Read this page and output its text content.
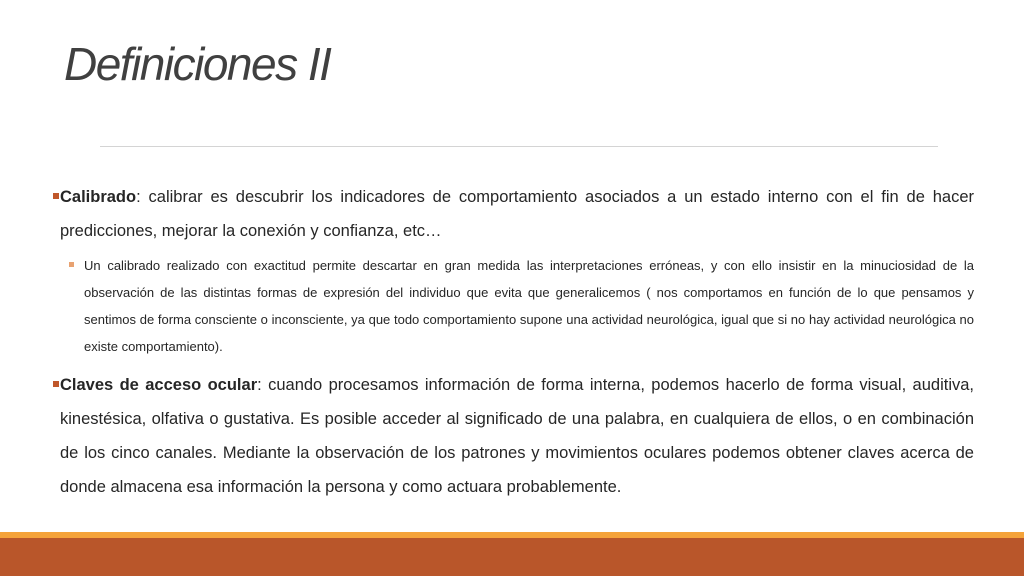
Definiciones II
Calibrado: calibrar es descubrir los indicadores de comportamiento asociados a un estado interno con el fin de hacer predicciones, mejorar la conexión y confianza, etc…
Un calibrado realizado con exactitud permite descartar en gran medida las interpretaciones erróneas, y con ello insistir en la minuciosidad de la observación de las distintas formas de expresión del individuo que evita que generalicemos ( nos comportamos en función de lo que pensamos y sentimos de forma consciente o inconsciente, ya que todo comportamiento supone una actividad neurológica, igual que si no hay actividad neurológica no existe comportamiento).
Claves de acceso ocular: cuando procesamos información de forma interna, podemos hacerlo de forma visual, auditiva, kinestésica, olfativa o gustativa. Es posible acceder al significado de una palabra, en cualquiera de ellos, o en combinación de los cinco canales. Mediante la observación de los patrones y movimientos oculares podemos obtener claves acerca de donde almacena esa información la persona y como actuara probablemente.
